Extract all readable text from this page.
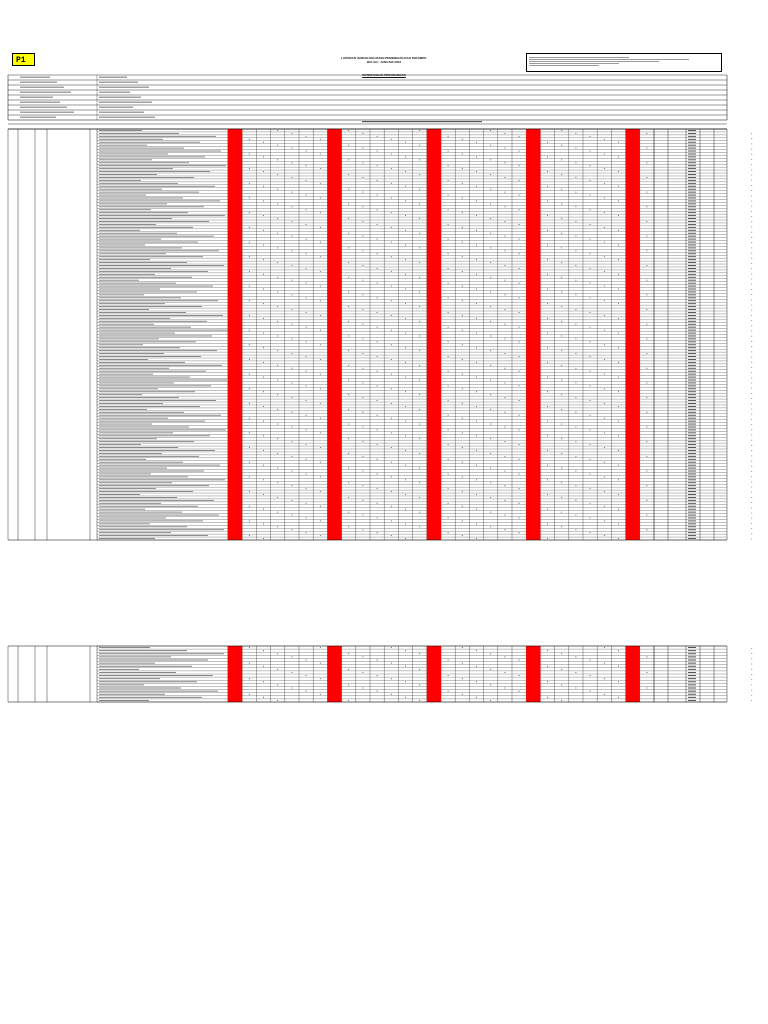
P1	LAPORAN HARIAN KEGIATAN PEMBINAAN DAN TERAMPIL
BULAN : JANUARI 2023
KETERANGAN PERORANGAN
